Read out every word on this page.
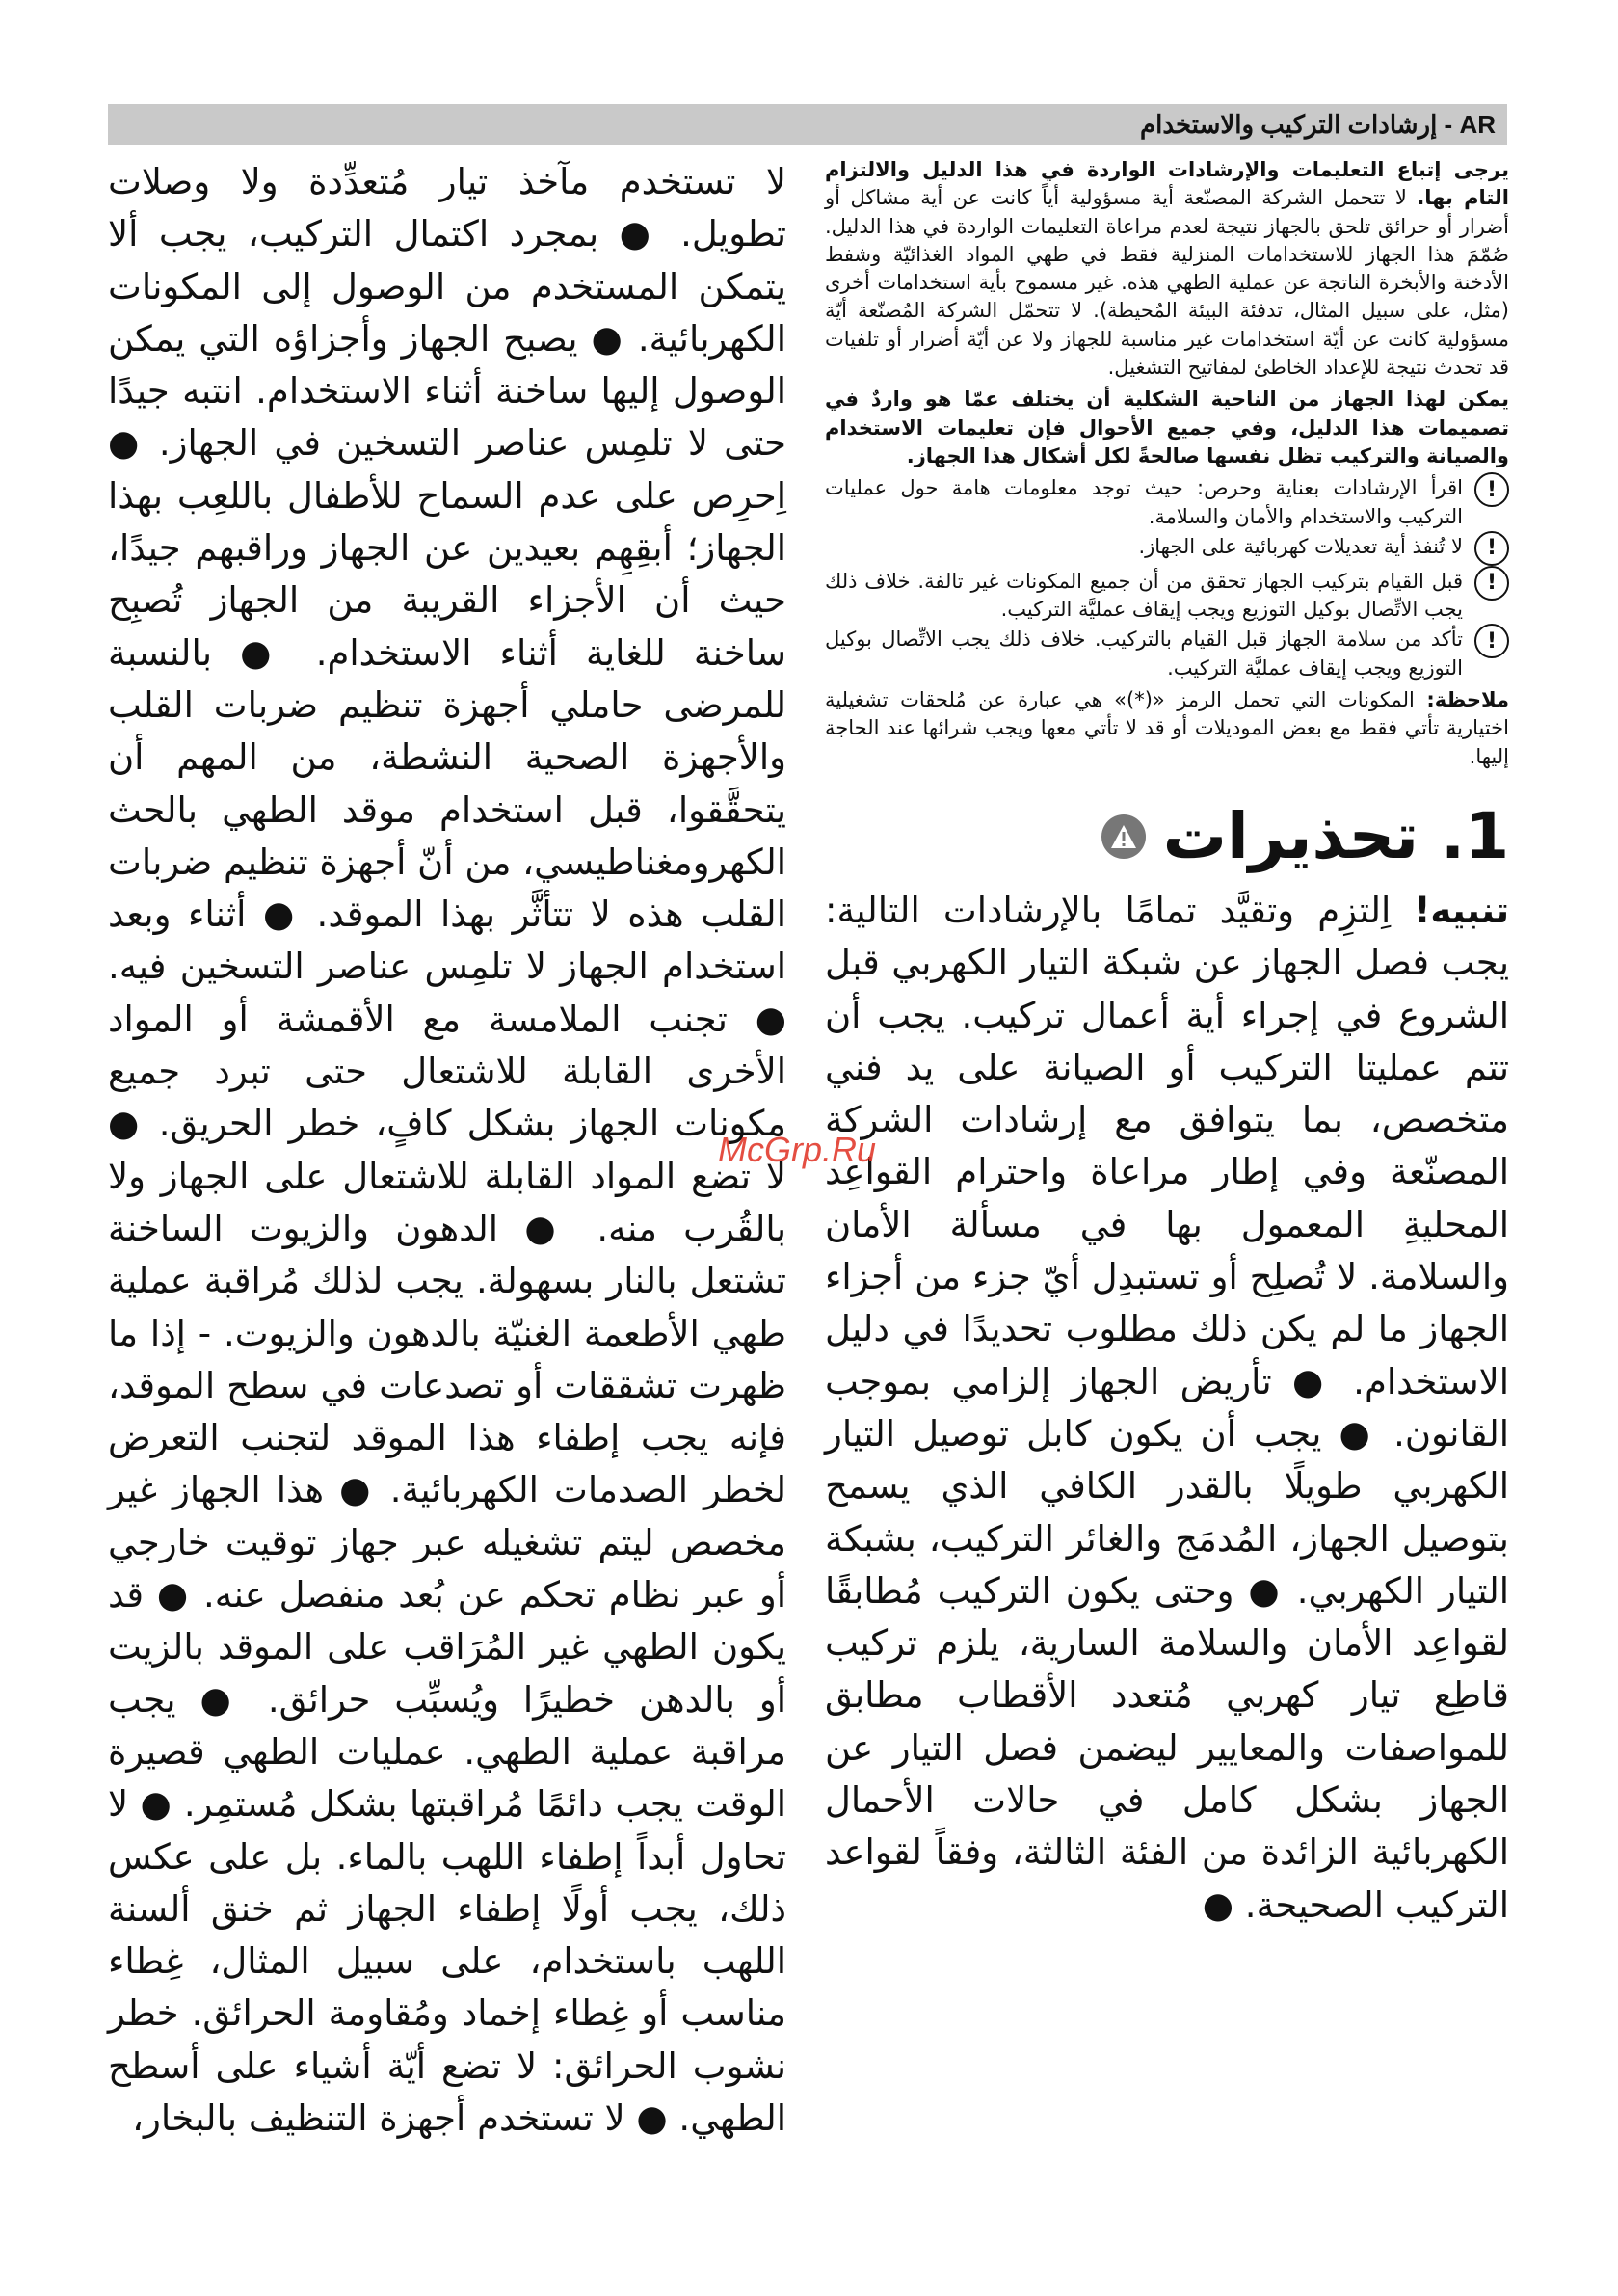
AR - إرشادات التركيب والاستخدام

يرجى إتباع التعليمات والإرشادات الواردة في هذا الدليل والالتزام التام بها. لا تتحمل الشركة المصنّعة أية مسؤولية أياً كانت عن أية مشاكل أو أضرار أو حرائق تلحق بالجهاز نتيجة لعدم مراعاة التعليمات الواردة في هذا الدليل. صُمّمَ هذا الجهاز للاستخدامات المنزلية فقط في طهي المواد الغذائيّة وشفط الأدخنة والأبخرة الناتجة عن عملية الطهي هذه. غير مسموح بأية استخدامات أخرى (مثل، على سبيل المثال، تدفئة البيئة المُحيطة). لا تتحمّل الشركة المُصنّعة أيّة مسؤولية كانت عن أيّة استخدامات غير مناسبة للجهاز ولا عن أيّة أضرار أو تلفيات قد تحدث نتيجة للإعداد الخاطئ لمفاتيح التشغيل.

يمكن لهذا الجهاز من الناحية الشكلية أن يختلف عمّا هو واردٌ في تصميمات هذا الدليل، وفي جميع الأحوال فإن تعليمات الاستخدام والصيانة والتركيب تظل نفسها صالحةً لكل أشكال هذا الجهاز.

!
اقرأ الإرشادات بعناية وحرص: حيث توجد معلومات هامة حول عمليات التركيب والاستخدام والأمان والسلامة.
!
لا تُنفذ أية تعديلات كهربائية على الجهاز.
!
قبل القيام بتركيب الجهاز تحقق من أن جميع المكونات غير تالفة. خلاف ذلك يجب الاتِّصال بوكيل التوزيع ويجب إيقاف عمليَّة التركيب.
!
تأكد من سلامة الجهاز قبل القيام بالتركيب. خلاف ذلك يجب الاتِّصال بوكيل التوزيع ويجب إيقاف عمليَّة التركيب.

ملاحظة: المكونات التي تحمل الرمز «(*)» هي عبارة عن مُلحقات تشغيلية اختيارية تأتي فقط مع بعض الموديلات أو قد لا تأتي معها ويجب شرائها عند الحاجة إليها.

1. تحذيرات

تنبيه! اِلتزِم وتقيَّد تمامًا بالإرشادات التالية: يجب فصل الجهاز عن شبكة التيار الكهربي قبل الشروع في إجراء أية أعمال تركيب. يجب أن تتم عمليتا التركيب أو الصيانة على يد فني متخصص، بما يتوافق مع إرشادات الشركة المصنّعة وفي إطار مراعاة واحترام القواعِد المحليةِ المعمول بها في مسألة الأمان والسلامة. لا تُصلِح أو تستبدِل أيّ جزء من أجزاء الجهاز ما لم يكن ذلك مطلوب تحديدًا في دليل الاستخدام. ● تأريض الجهاز إلزامي بموجب القانون. ● يجب أن يكون كابل توصيل التيار الكهربي طويلًا بالقدر الكافي الذي يسمح بتوصيل الجهاز، المُدمَج والغائر التركيب، بشبكة التيار الكهربي. ● وحتى يكون التركيب مُطابقًا لقواعِد الأمان والسلامة السارية، يلزم تركيب قاطِع تيار كهربي مُتعدد الأقطاب مطابق للمواصفات والمعايير ليضمن فصل التيار عن الجهاز بشكل كامل في حالات الأحمال الكهربائية الزائدة من الفئة الثالثة، وفقاً لقواعد التركيب الصحيحة. ●

لا تستخدم مآخذ تيار مُتعدِّدة ولا وصلات تطويل. ● بمجرد اكتمال التركيب، يجب ألا يتمكن المستخدم من الوصول إلى المكونات الكهربائية. ● يصبح الجهاز وأجزاؤه التي يمكن الوصول إليها ساخنة أثناء الاستخدام. انتبه جيدًا حتى لا تلمِس عناصر التسخين في الجهاز. ● اِحرِص على عدم السماح للأطفال باللعِب بهذا الجهاز؛ أبقِهِم بعيدين عن الجهاز وراقبهم جيدًا، حيث أن الأجزاء القريبة من الجهاز تُصبِح ساخنة للغاية أثناء الاستخدام. ● بالنسبة للمرضى حاملي أجهزة تنظيم ضربات القلب والأجهزة الصحية النشطة، من المهم أن يتحقَّقوا، قبل استخدام موقد الطهي بالحث الكهرومغناطيسي، من أنّ أجهزة تنظيم ضربات القلب هذه لا تتأثَّر بهذا الموقد. ● أثناء وبعد استخدام الجهاز لا تلمِس عناصر التسخين فيه. ● تجنب الملامسة مع الأقمشة أو المواد الأخرى القابلة للاشتعال حتى تبرد جميع مكونات الجهاز بشكل كافٍ، خطر الحريق. ● لا تضع المواد القابلة للاشتعال على الجهاز ولا بالقُرب منه. ● الدهون والزيوت الساخنة تشتعل بالنار بسهولة. يجب لذلك مُراقبة عملية طهي الأطعمة الغنيّة بالدهون والزيوت. - إذا ما ظهرت تشققات أو تصدعات في سطح الموقد، فإنه يجب إطفاء هذا الموقد لتجنب التعرض لخطر الصدمات الكهربائية. ● هذا الجهاز غير مخصص ليتم تشغيله عبر جهاز توقيت خارجي أو عبر نظام تحكم عن بُعد منفصل عنه. ● قد يكون الطهي غير المُرَاقب على الموقد بالزيت أو بالدهن خطيرًا ويُسبِّب حرائق. ● يجب مراقبة عملية الطهي. عمليات الطهي قصيرة الوقت يجب دائمًا مُراقبتها بشكل مُستمِر. ● لا تحاول أبداً إطفاء اللهب بالماء. بل على عكس ذلك، يجب أولًا إطفاء الجهاز ثم خنق ألسنة اللهب باستخدام، على سبيل المثال، غِطاء مناسب أو غِطاء إخماد ومُقاومة الحرائق. خطر نشوب الحرائق: لا تضع أيّة أشياء على أسطح الطهي. ● لا تستخدم أجهزة التنظيف بالبخار،

McGrp.Ru
